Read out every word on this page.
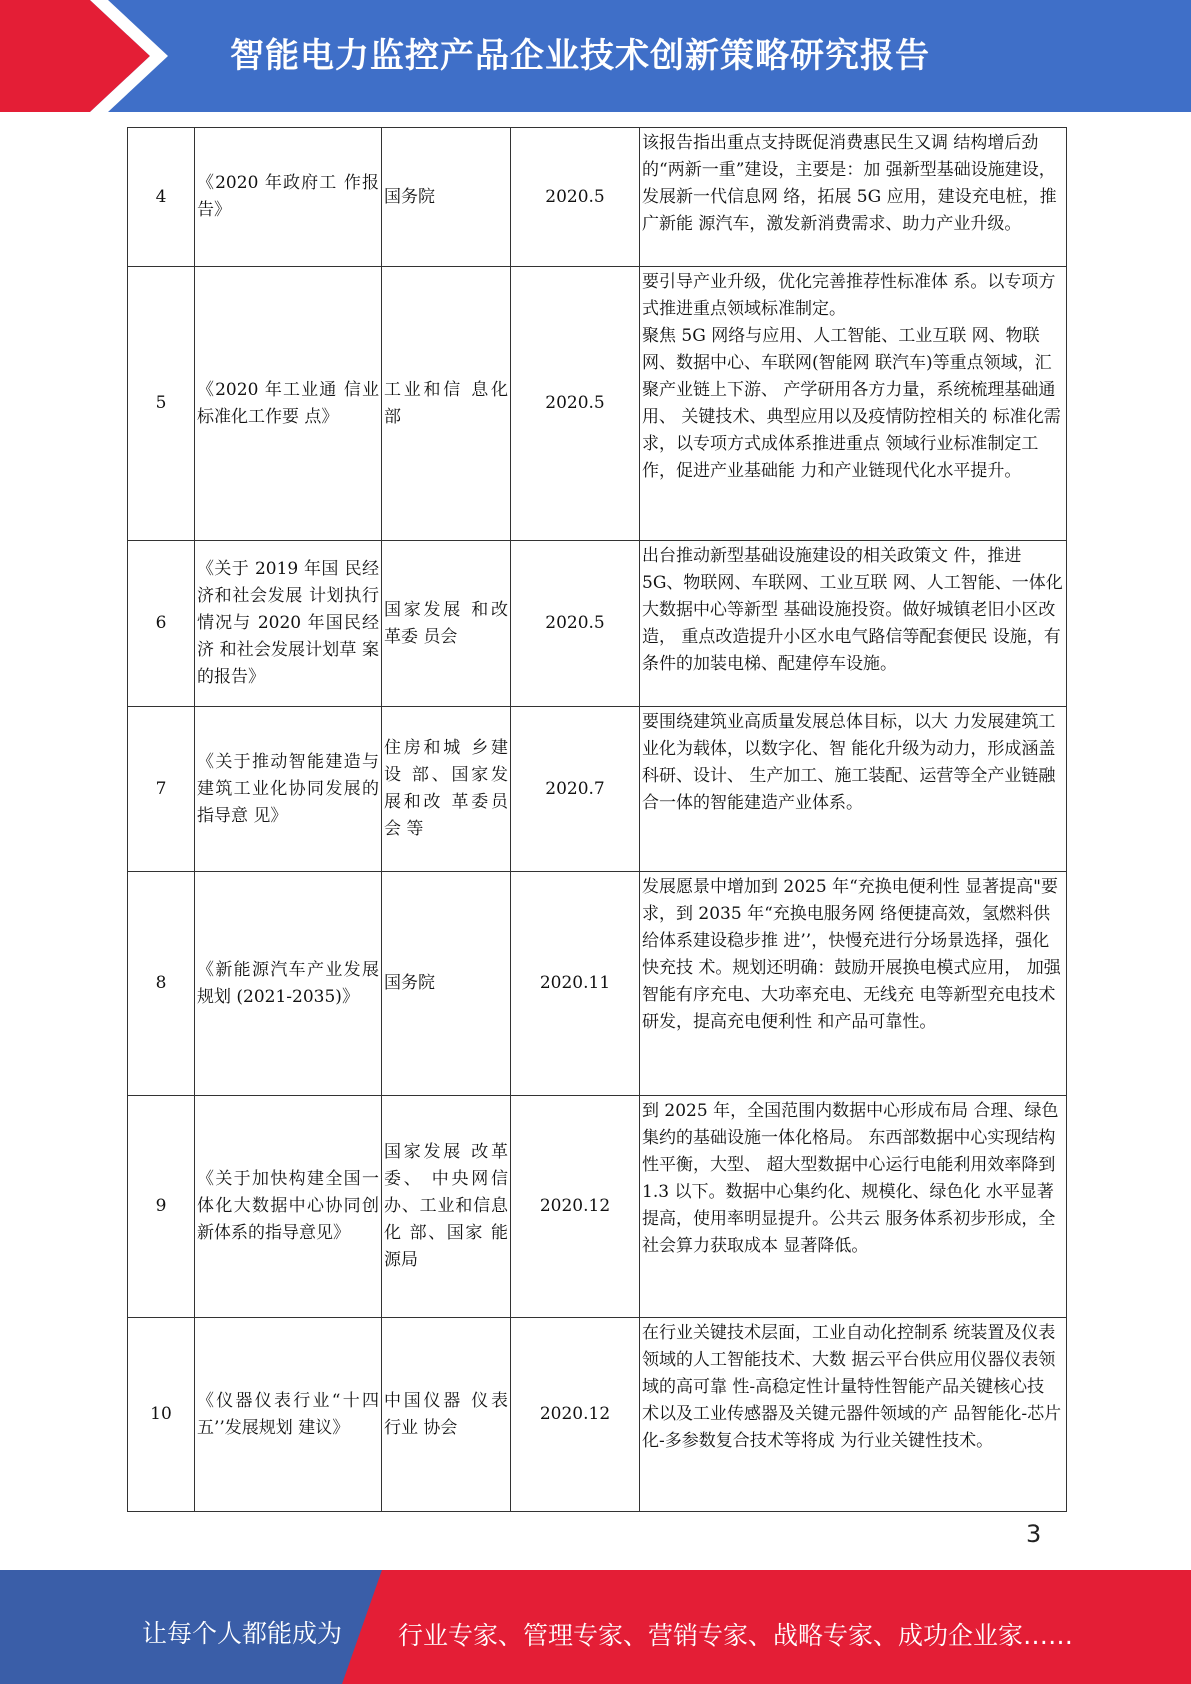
智能电力监控产品企业技术创新策略研究报告
4	《2020 年政府工 作报告》	国务院	2020.5	该报告指出重点支持既促消费惠民生又调 结构增后劲的“两新一重”建设，主要是：加 强新型基础设施建设，发展新一代信息网 络，拓展 5G 应用，建设充电桩，推广新能 源汽车，激发新消费需求、助力产业升级。
5	《2020 年工业通 信业标准化工作要 点》	工业和信 息化部	2020.5	要引导产业升级，优化完善推荐性标准体 系。以专项方式推进重点领域标准制定。
聚焦 5G 网络与应用、人工智能、工业互联 网、物联网、数据中心、车联网(智能网 联汽车)等重点领域，汇聚产业链上下游、 产学研用各方力量，系统梳理基础通用、 关键技术、典型应用以及疫情防控相关的 标准化需求，以专项方式成体系推进重点 领域行业标准制定工作，促进产业基础能 力和产业链现代化水平提升。
6	《关于 2019 年国 民经济和社会发展 计划执行情况与 2020 年国民经济 和社会发展计划草 案的报告》	国家发展 和改革委 员会	2020.5	出台推动新型基础设施建设的相关政策文 件，推进 5G、物联网、车联网、工业互联 网、人工智能、一体化大数据中心等新型 基础设施投资。做好城镇老旧小区改造， 重点改造提升小区水电气路信等配套便民 设施，有条件的加装电梯、配建停车设施。
7	《关于推动智能建造与建筑工业化协同发展的指导意 见》	住房和城 乡建设 部、国家发展和改 革委员会 等	2020.7	要围绕建筑业高质量发展总体目标，以大 力发展建筑工业化为载体，以数字化、智 能化升级为动力，形成涵盖科研、设计、 生产加工、施工装配、运营等全产业链融 合一体的智能建造产业体系。
8	《新能源汽车产业发展规划 (2021-2035)》	国务院	2020.11	发展愿景中增加到 2025 年“充换电便利性 显著提高"要求，到 2035 年“充换电服务网 络便捷高效，氢燃料供给体系建设稳步推 进’’，快慢充进行分场景选择，强化快充技 术。规划还明确：鼓励开展换电模式应用， 加强智能有序充电、大功率充电、无线充 电等新型充电技术研发，提高充电便利性 和产品可靠性。
9	《关于加快构建全国一体化大数据中心协同创新体系的指导意见》	国家发展 改革委、 中央网信 办、工业和信息化 部、国家 能源局	2020.12	到 2025 年，全国范围内数据中心形成布局 合理、绿色集约的基础设施一体化格局。 东西部数据中心实现结构性平衡，大型、 超大型数据中心运行电能利用效率降到 1.3 以下。数据中心集约化、规模化、绿色化 水平显著提高，使用率明显提升。公共云 服务体系初步形成，全社会算力获取成本 显著降低。
10	《仪器仪表行业“十四五’’发展规划 建议》	中国仪器 仪表行业 协会	2020.12	在行业关键技术层面，工业自动化控制系 统装置及仪表领域的人工智能技术、大数 据云平台供应用仪器仪表领域的高可靠 性-高稳定性计量特性智能产品关键核心技 术以及工业传感器及关键元器件领域的产 品智能化-芯片化-多参数复合技术等将成 为行业关键性技术。
3
让每个人都能成为 行业专家、管理专家、营销专家、战略专家、成功企业家……
